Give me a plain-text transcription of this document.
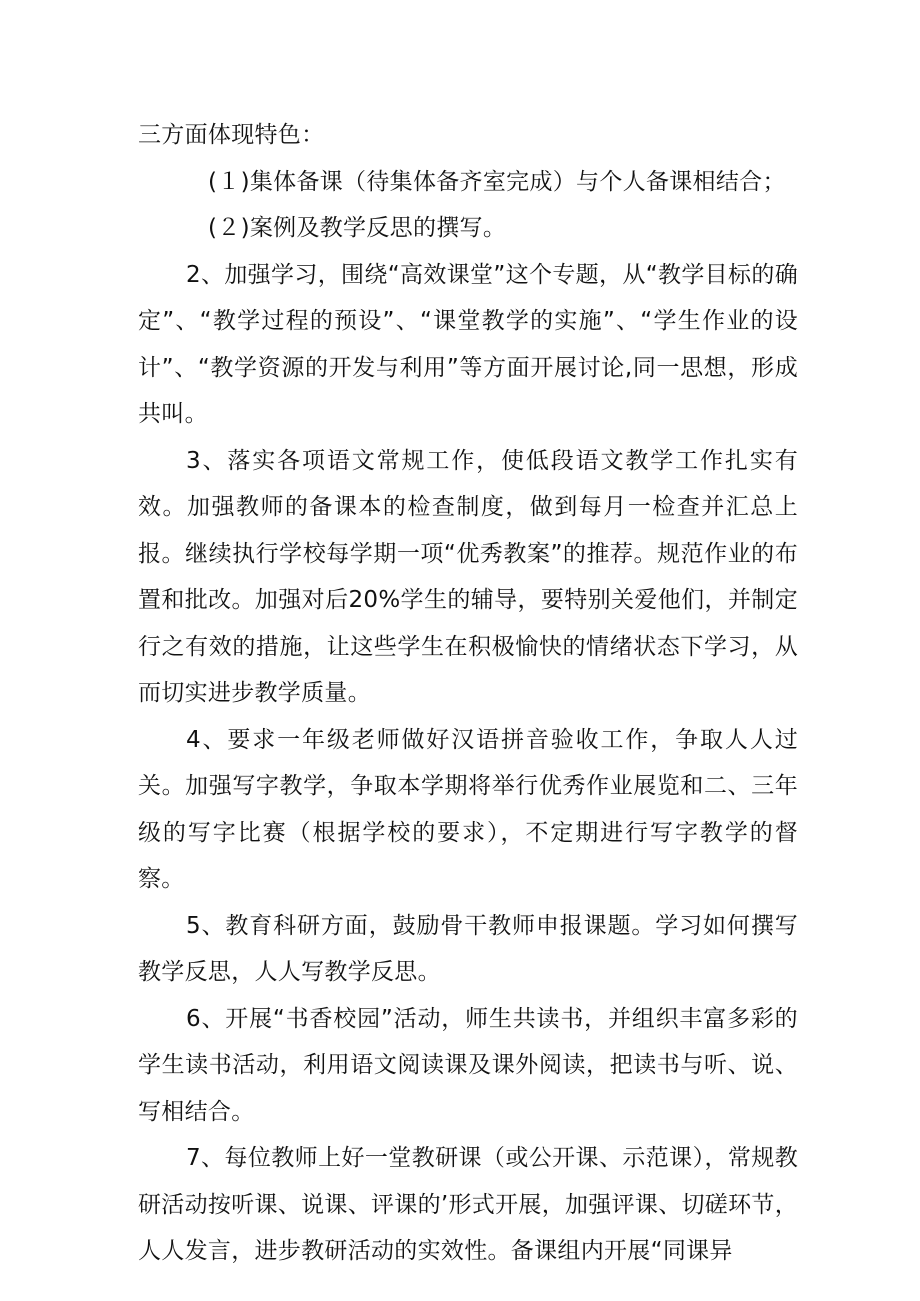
三方面体现特色：

(１)集体备课（待集体备齐室完成）与个人备课相结合；

(２)案例及教学反思的撰写。

2、加强学习，围绕“高效课堂”这个专题，从“教学目标的确定”、“教学过程的预设”、“课堂教学的实施”、“学生作业的设计”、“教学资源的开发与利用”等方面开展讨论,同一思想，形成共叫。

3、落实各项语文常规工作，使低段语文教学工作扎实有效。加强教师的备课本的检查制度，做到每月一检查并汇总上报。继续执行学校每学期一项“优秀教案”的推荐。规范作业的布置和批改。加强对后20%学生的辅导，要特别关爱他们，并制定行之有效的措施，让这些学生在积极愉快的情绪状态下学习，从而切实进步教学质量。

4、要求一年级老师做好汉语拼音验收工作，争取人人过关。加强写字教学，争取本学期将举行优秀作业展览和二、三年级的写字比赛（根据学校的要求），不定期进行写字教学的督察。

5、教育科研方面，鼓励骨干教师申报课题。学习如何撰写教学反思，人人写教学反思。

6、开展“书香校园”活动，师生共读书，并组织丰富多彩的学生读书活动，利用语文阅读课及课外阅读，把读书与听、说、写相结合。

7、每位教师上好一堂教研课（或公开课、示范课），常规教研活动按听课、说课、评课的’形式开展，加强评课、切磋环节，人人发言，进步教研活动的实效性。备课组内开展“同课异
